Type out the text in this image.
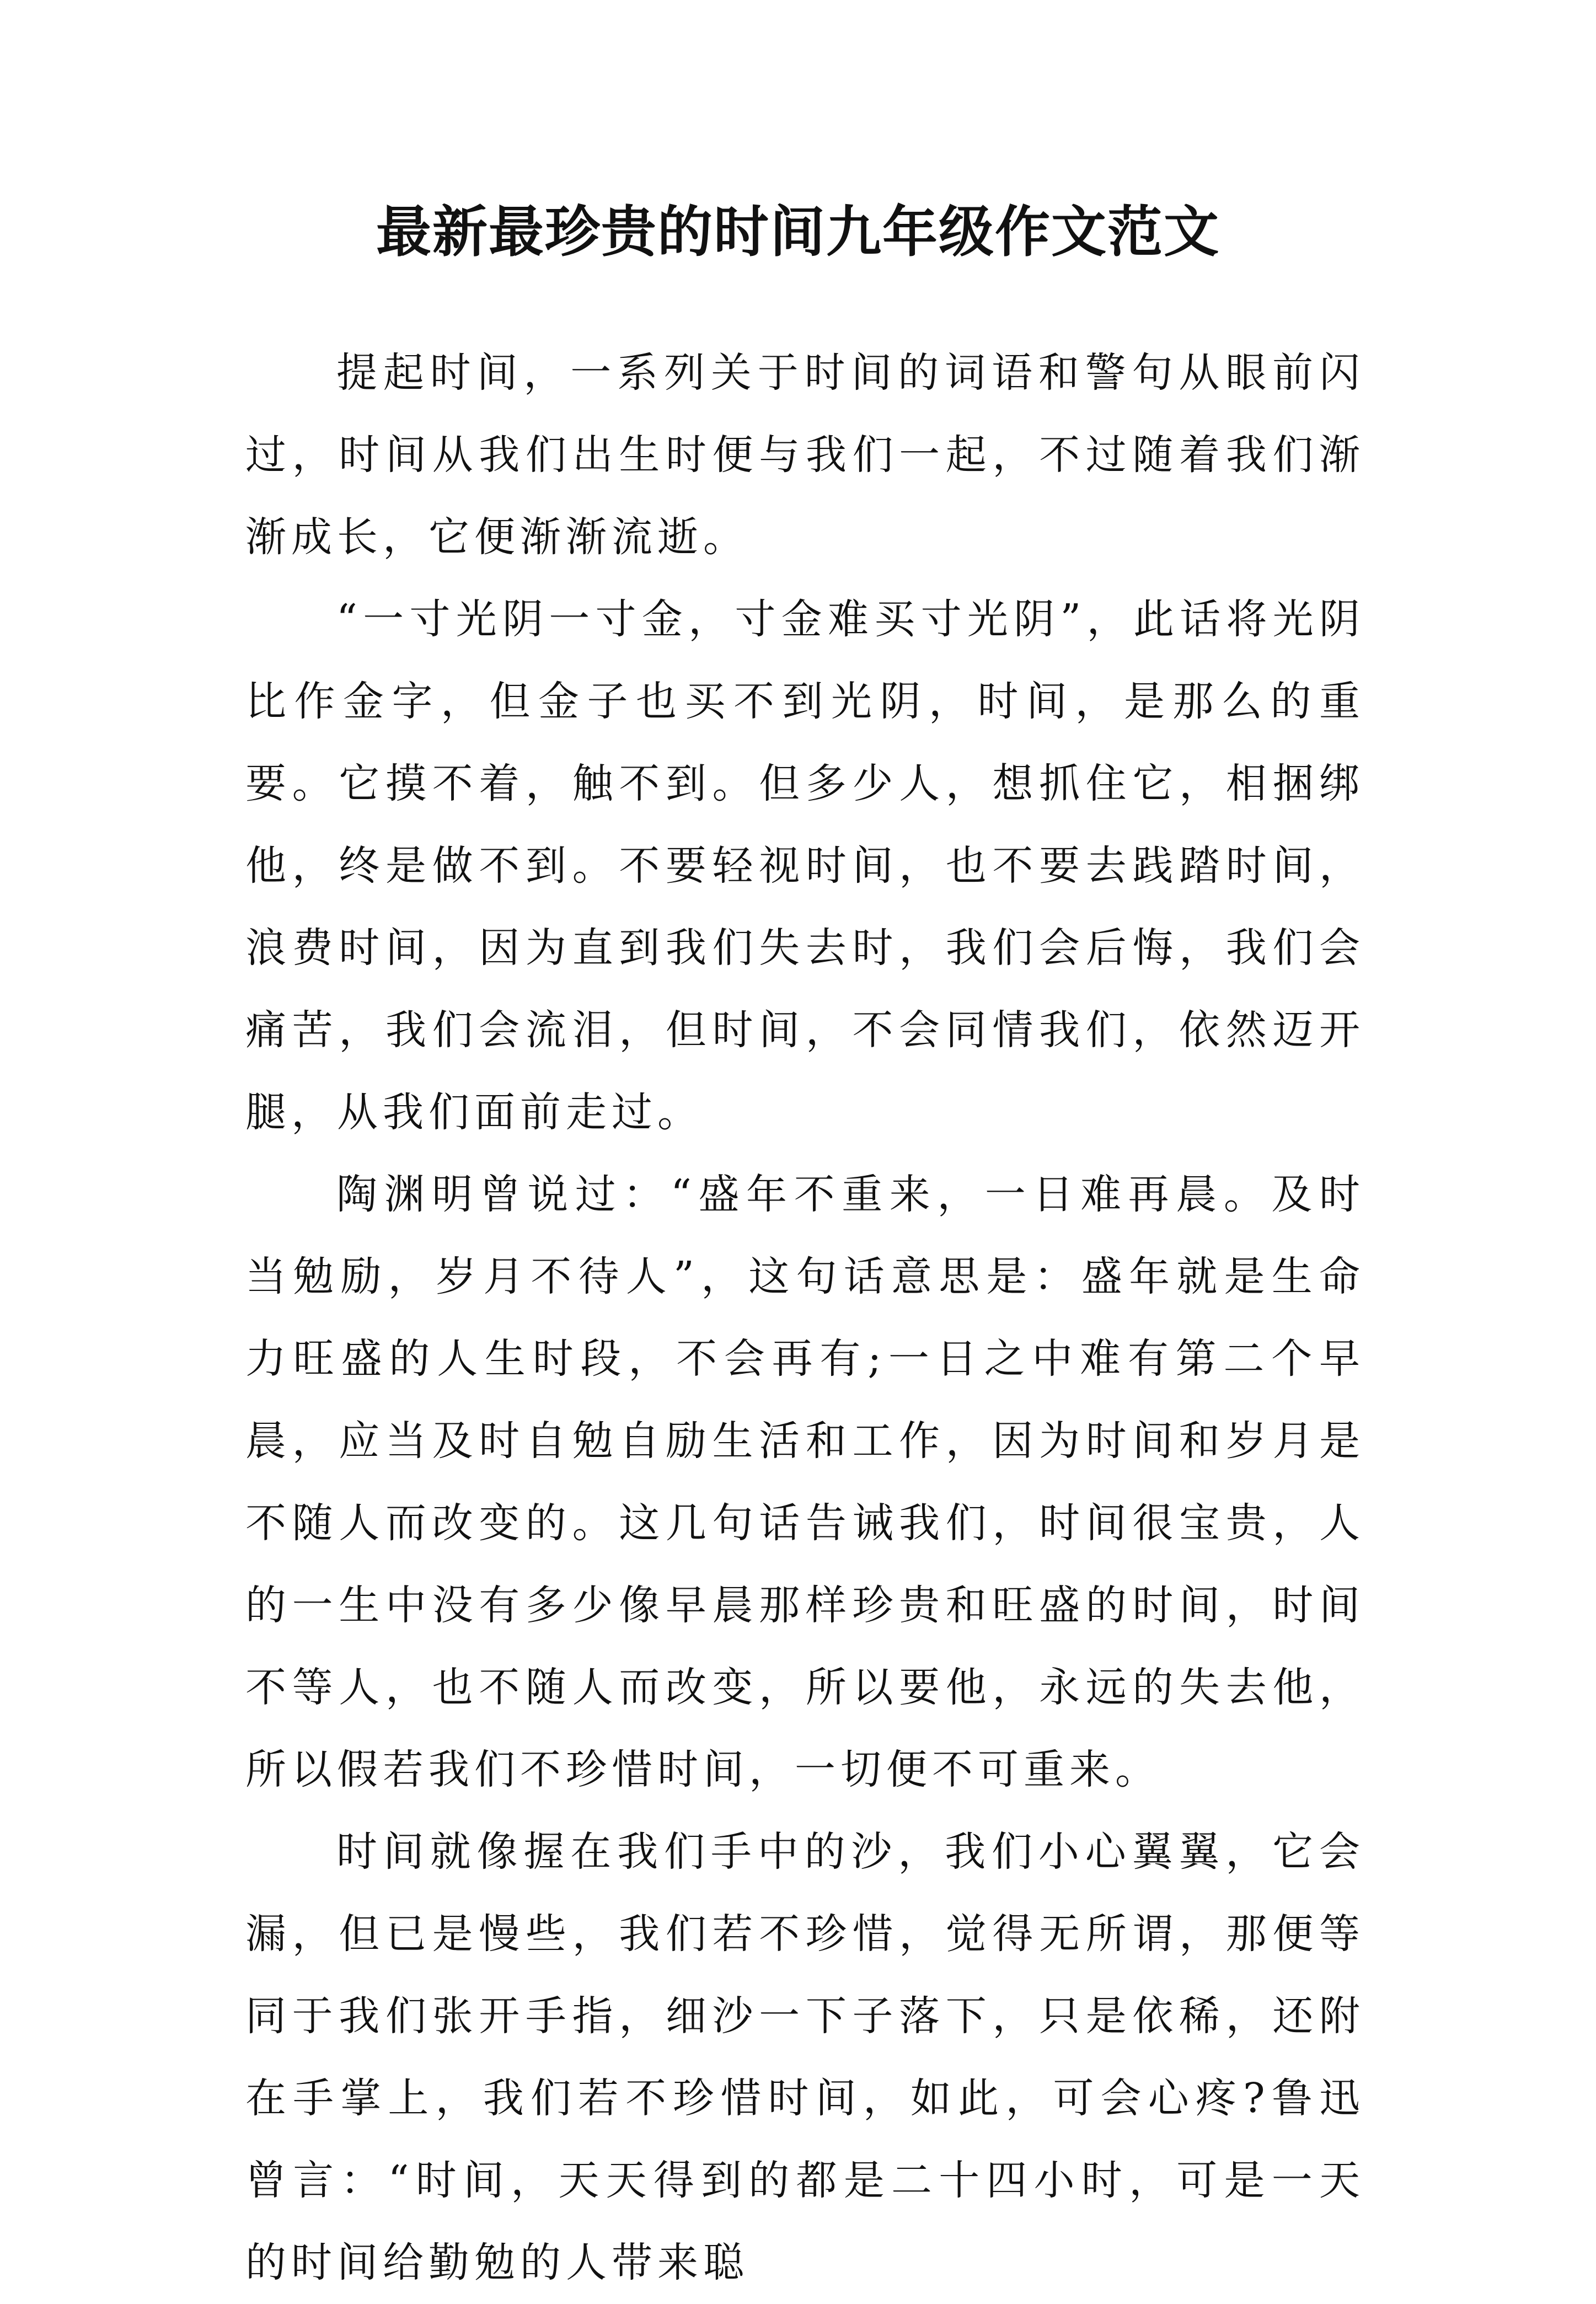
最新最珍贵的时间九年级作文范文

提起时间，一系列关于时间的词语和警句从眼前闪过，时间从我们出生时便与我们一起，不过随着我们渐渐成长，它便渐渐流逝。

“一寸光阴一寸金，寸金难买寸光阴”，此话将光阴比作金字，但金子也买不到光阴，时间，是那么的重要。它摸不着，触不到。但多少人，想抓住它，相捆绑他，终是做不到。不要轻视时间，也不要去践踏时间，浪费时间，因为直到我们失去时，我们会后悔，我们会痛苦，我们会流泪，但时间，不会同情我们，依然迈开腿，从我们面前走过。

陶渊明曾说过：“盛年不重来，一日难再晨。及时当勉励，岁月不待人”，这句话意思是：盛年就是生命力旺盛的人生时段，不会再有;一日之中难有第二个早晨，应当及时自勉自励生活和工作，因为时间和岁月是不随人而改变的。这几句话告诫我们，时间很宝贵，人的一生中没有多少像早晨那样珍贵和旺盛的时间，时间不等人，也不随人而改变，所以要他，永远的失去他，所以假若我们不珍惜时间，一切便不可重来。

时间就像握在我们手中的沙，我们小心翼翼，它会漏，但已是慢些，我们若不珍惜，觉得无所谓，那便等同于我们张开手指，细沙一下子落下，只是依稀，还附在手掌上，我们若不珍惜时间，如此，可会心疼?鲁迅曾言：“时间，天天得到的都是二十四小时，可是一天的时间给勤勉的人带来聪
